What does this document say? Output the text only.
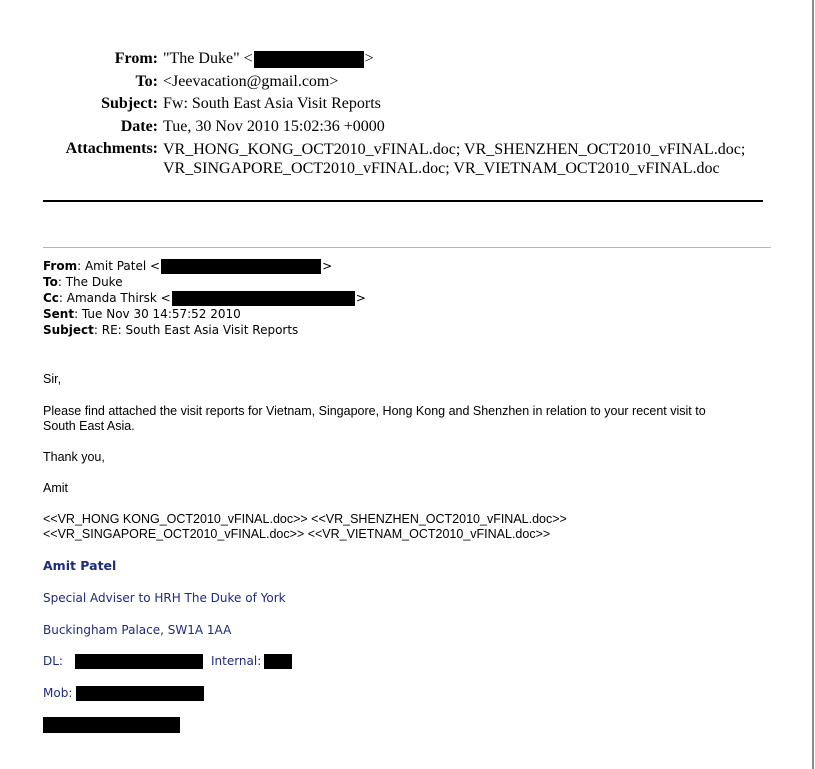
From: "The Duke" <	>
To: <Jeevacation@gmail.com>
Subject: Fw: South East Asia Visit Reports
Date: Tue, 30 Nov 2010 15:02:36 +0000
Attachments: VR_HONG_KONG_OCT2010_vFINAL.doc; VR_SHENZHEN_OCT2010_vFINAL.doc;
VR_SINGAPORE_OCT2010_vFINAL.doc; VR_VIETNAM_OCT2010_vFINAL.doc
From: Amit Patel <	>
To: The Duke
Cc: Amanda Thirsk <	>
Sent: Tue Nov 30 14:57:52 2010
Subject: RE: South East Asia Visit Reports
Sir,
Please find attached the visit reports for Vietnam, Singapore, Hong Kong and Shenzhen in relation to your recent visit to
South East Asia.
Thank you,
Amit
<<VR_HONG KONG_OCT2010_vFINAL.doc>> <<VR_SHENZHEN_OCT2010_vFINAL.doc>>
<<VR_SINGAPORE_OCT2010_vFINAL.doc>> <<VR_VIETNAM_OCT2010_vFINAL.doc>>
Amit Patel
Special Adviser to HRH The Duke of York
Buckingham Palace, SW1A 1AA
DL:	Internal:
Mob:
